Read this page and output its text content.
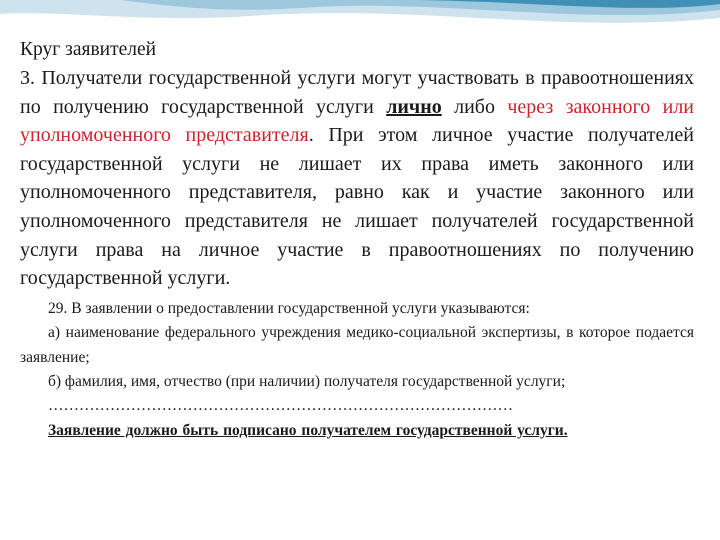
Круг заявителей

3. Получатели государственной услуги могут участвовать в правоотношениях по получению государственной услуги лично либо через законного или уполномоченного представителя. При этом личное участие получателей государственной услуги не лишает их права иметь законного или уполномоченного представителя, равно как и участие законного или уполномоченного представителя не лишает получателей государственной услуги права на личное участие в правоотношениях по получению государственной услуги.

29. В заявлении о предоставлении государственной услуги указываются:

а) наименование федерального учреждения медико-социальной экспертизы, в которое подается заявление;

б) фамилия, имя, отчество (при наличии) получателя государственной услуги;

………………………………………………………………………………

Заявление должно быть подписано получателем государственной услуги.
